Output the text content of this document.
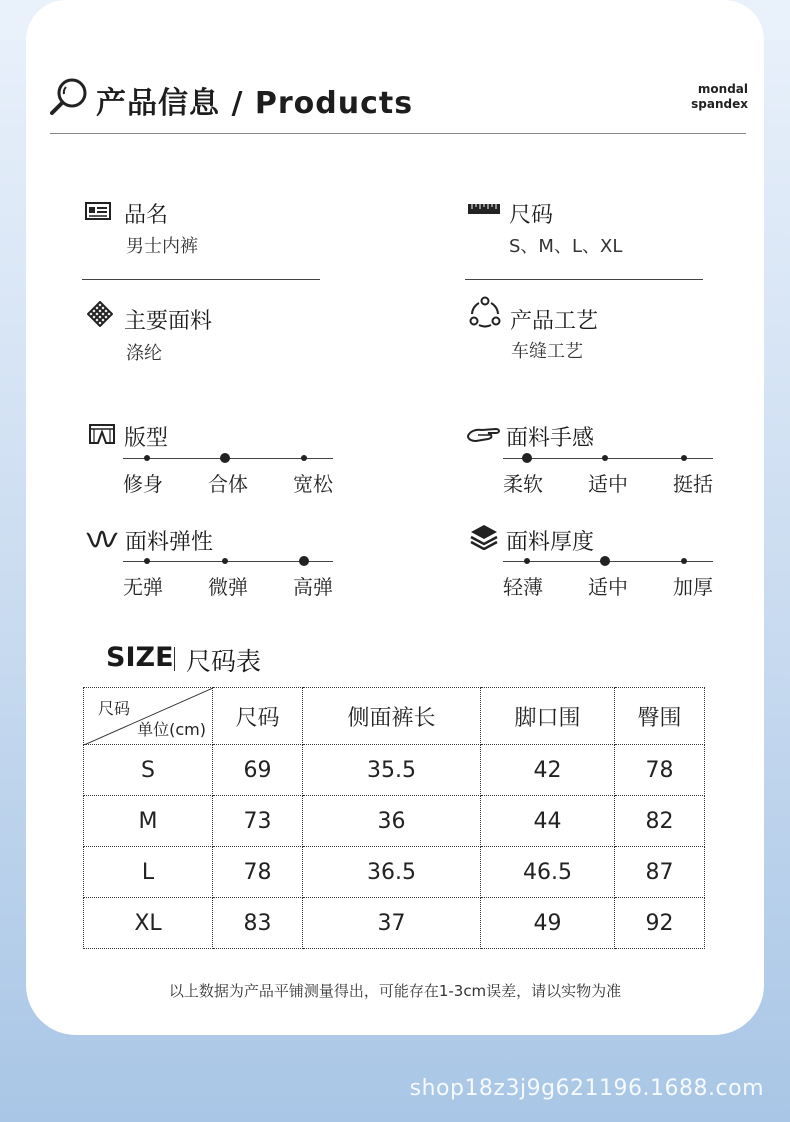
产品信息 / Products	mondal
spandex
品名
男士内裤
尺码
S、M、L、XL
主要面料
涤纶
产品工艺
车缝工艺
版型
修身 合体 宽松
面料手感
柔软 适中 挺括
面料弹性
无弹 微弹 高弹
面料厚度
轻薄 适中 加厚
SIZE 尺码表
尺码
单位(cm)	尺码	侧面裤长	脚口围	臀围
S	69	35.5	42	78
M	73	36	44	82
L	78	36.5	46.5	87
XL	83	37	49	92
以上数据为产品平铺测量得出，可能存在1-3cm误差，请以实物为准
shop18z3j9g621196.1688.com
